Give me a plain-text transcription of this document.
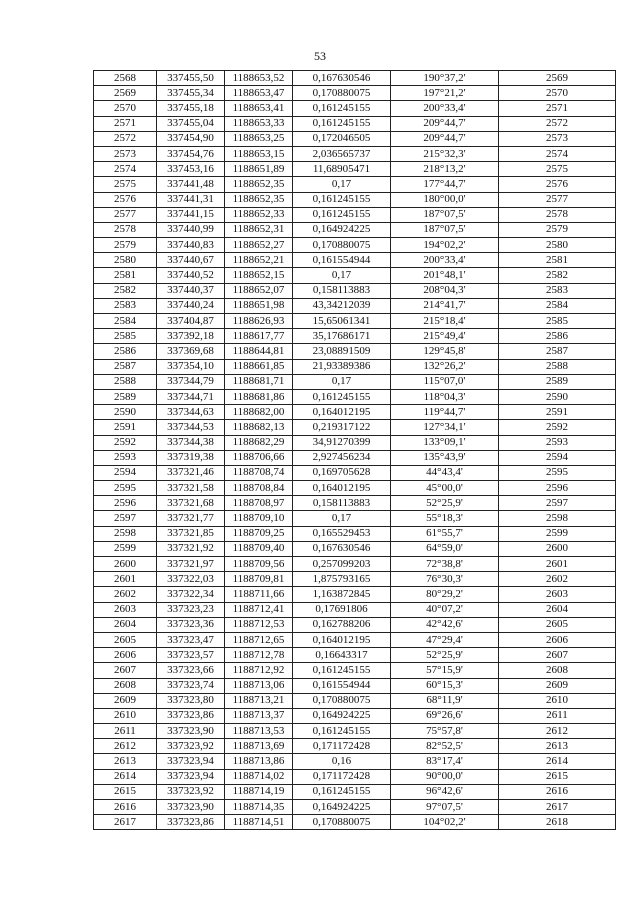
53
2568	337455,50	1188653,52	0,167630546	190°37,2'	2569
2569	337455,34	1188653,47	0,170880075	197°21,2'	2570
2570	337455,18	1188653,41	0,161245155	200°33,4'	2571
2571	337455,04	1188653,33	0,161245155	209°44,7'	2572
2572	337454,90	1188653,25	0,172046505	209°44,7'	2573
2573	337454,76	1188653,15	2,036565737	215°32,3'	2574
2574	337453,16	1188651,89	11,68905471	218°13,2'	2575
2575	337441,48	1188652,35	0,17	177°44,7'	2576
2576	337441,31	1188652,35	0,161245155	180°00,0'	2577
2577	337441,15	1188652,33	0,161245155	187°07,5'	2578
2578	337440,99	1188652,31	0,164924225	187°07,5'	2579
2579	337440,83	1188652,27	0,170880075	194°02,2'	2580
2580	337440,67	1188652,21	0,161554944	200°33,4'	2581
2581	337440,52	1188652,15	0,17	201°48,1'	2582
2582	337440,37	1188652,07	0,158113883	208°04,3'	2583
2583	337440,24	1188651,98	43,34212039	214°41,7'	2584
2584	337404,87	1188626,93	15,65061341	215°18,4'	2585
2585	337392,18	1188617,77	35,17686171	215°49,4'	2586
2586	337369,68	1188644,81	23,08891509	129°45,8'	2587
2587	337354,10	1188661,85	21,93389386	132°26,2'	2588
2588	337344,79	1188681,71	0,17	115°07,0'	2589
2589	337344,71	1188681,86	0,161245155	118°04,3'	2590
2590	337344,63	1188682,00	0,164012195	119°44,7'	2591
2591	337344,53	1188682,13	0,219317122	127°34,1'	2592
2592	337344,38	1188682,29	34,91270399	133°09,1'	2593
2593	337319,38	1188706,66	2,927456234	135°43,9'	2594
2594	337321,46	1188708,74	0,169705628	44°43,4'	2595
2595	337321,58	1188708,84	0,164012195	45°00,0'	2596
2596	337321,68	1188708,97	0,158113883	52°25,9'	2597
2597	337321,77	1188709,10	0,17	55°18,3'	2598
2598	337321,85	1188709,25	0,165529453	61°55,7'	2599
2599	337321,92	1188709,40	0,167630546	64°59,0'	2600
2600	337321,97	1188709,56	0,257099203	72°38,8'	2601
2601	337322,03	1188709,81	1,875793165	76°30,3'	2602
2602	337322,34	1188711,66	1,163872845	80°29,2'	2603
2603	337323,23	1188712,41	0,17691806	40°07,2'	2604
2604	337323,36	1188712,53	0,162788206	42°42,6'	2605
2605	337323,47	1188712,65	0,164012195	47°29,4'	2606
2606	337323,57	1188712,78	0,16643317	52°25,9'	2607
2607	337323,66	1188712,92	0,161245155	57°15,9'	2608
2608	337323,74	1188713,06	0,161554944	60°15,3'	2609
2609	337323,80	1188713,21	0,170880075	68°11,9'	2610
2610	337323,86	1188713,37	0,164924225	69°26,6'	2611
2611	337323,90	1188713,53	0,161245155	75°57,8'	2612
2612	337323,92	1188713,69	0,171172428	82°52,5'	2613
2613	337323,94	1188713,86	0,16	83°17,4'	2614
2614	337323,94	1188714,02	0,171172428	90°00,0'	2615
2615	337323,92	1188714,19	0,161245155	96°42,6'	2616
2616	337323,90	1188714,35	0,164924225	97°07,5'	2617
2617	337323,86	1188714,51	0,170880075	104°02,2'	2618
